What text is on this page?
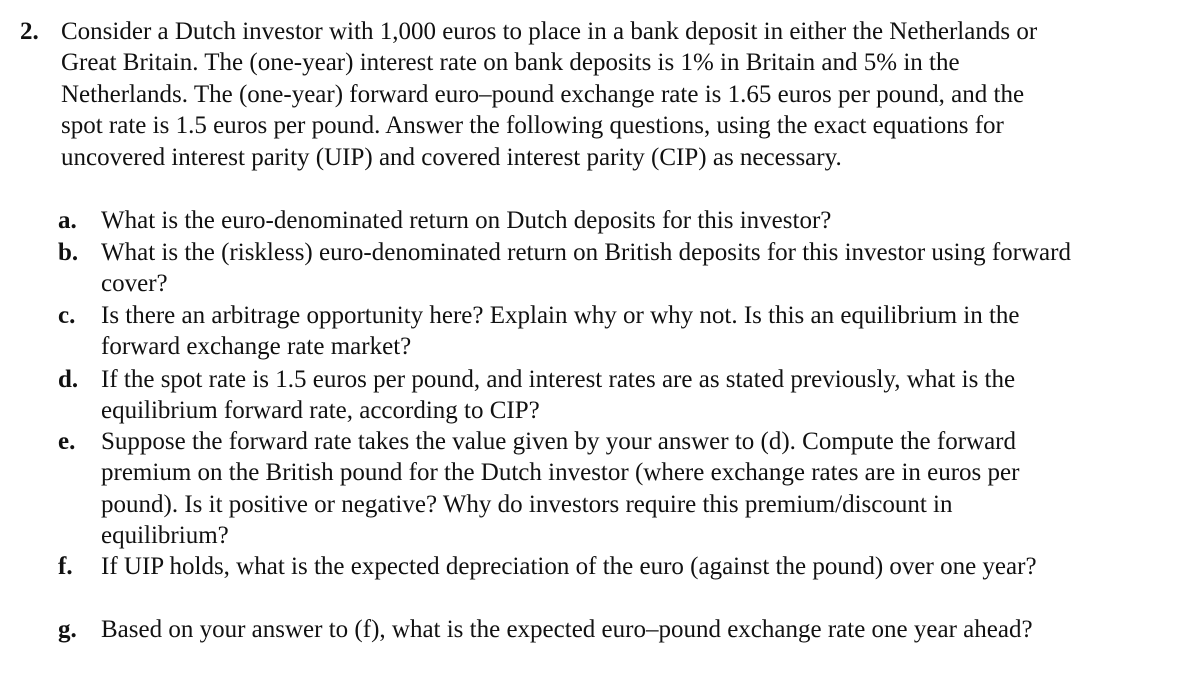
2. Consider a Dutch investor with 1,000 euros to place in a bank deposit in either the Netherlands or Great Britain. The (one-year) interest rate on bank deposits is 1% in Britain and 5% in the Netherlands. The (one-year) forward euro–pound exchange rate is 1.65 euros per pound, and the spot rate is 1.5 euros per pound. Answer the following questions, using the exact equations for uncovered interest parity (UIP) and covered interest parity (CIP) as necessary.
a. What is the euro-denominated return on Dutch deposits for this investor?
b. What is the (riskless) euro-denominated return on British deposits for this investor using forward cover?
c.	Is there an arbitrage opportunity here? Explain why or why not. Is this an equilibrium in the forward exchange rate market?
d. If the spot rate is 1.5 euros per pound, and interest rates are as stated previously, what is the equilibrium forward rate, according to CIP?
e.	Suppose the forward rate takes the value given by your answer to (d). Compute the forward premium on the British pound for the Dutch investor (where exchange rates are in euros per pound). Is it positive or negative? Why do investors require this premium/discount in equilibrium?
f.	If UIP holds, what is the expected depreciation of the euro (against the pound) over one year?
g. Based on your answer to (f), what is the expected euro–pound exchange rate one year ahead?
